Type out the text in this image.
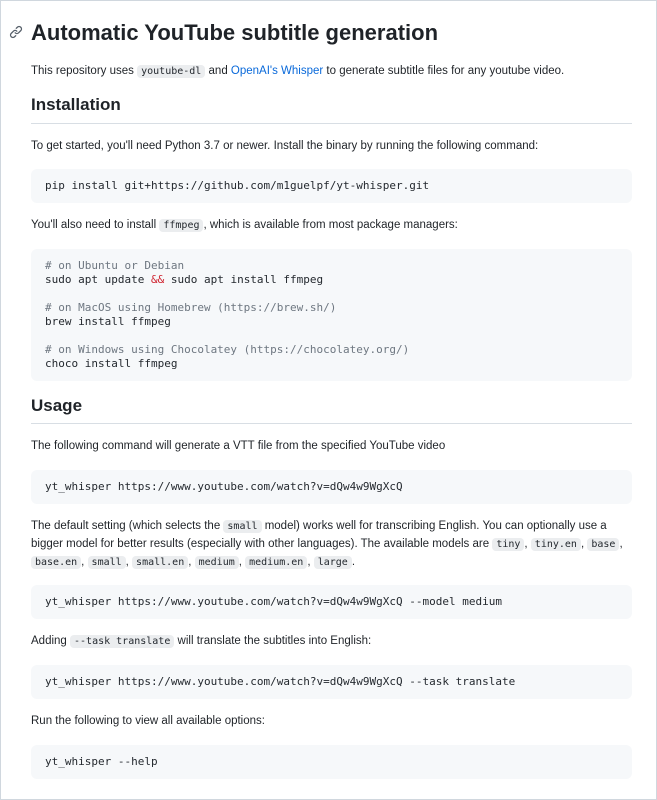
Automatic YouTube subtitle generation

This repository uses youtube-dl and OpenAI's Whisper to generate subtitle files for any youtube video.

Installation

To get started, you'll need Python 3.7 or newer. Install the binary by running the following command:

pip install git+https://github.com/m1guelpf/yt-whisper.git

You'll also need to install ffmpeg , which is available from most package managers:

# on Ubuntu or Debian
sudo apt update && sudo apt install ffmpeg

# on MacOS using Homebrew (https://brew.sh/)
brew install ffmpeg

# on Windows using Chocolatey (https://chocolatey.org/)
choco install ffmpeg
Usage

The following command will generate a VTT file from the specified YouTube video

yt_whisper https://www.youtube.com/watch?v=dQw4w9WgXcQ

The default setting (which selects the small model) works well for transcribing English. You can optionally use a bigger model for better results (especially with other languages). The available models are tiny , tiny.en , base , base.en , small , small.en , medium , medium.en , large .

yt_whisper https://www.youtube.com/watch?v=dQw4w9WgXcQ --model medium

Adding --task translate will translate the subtitles into English:

yt_whisper https://www.youtube.com/watch?v=dQw4w9WgXcQ --task translate

Run the following to view all available options:

yt_whisper --help
